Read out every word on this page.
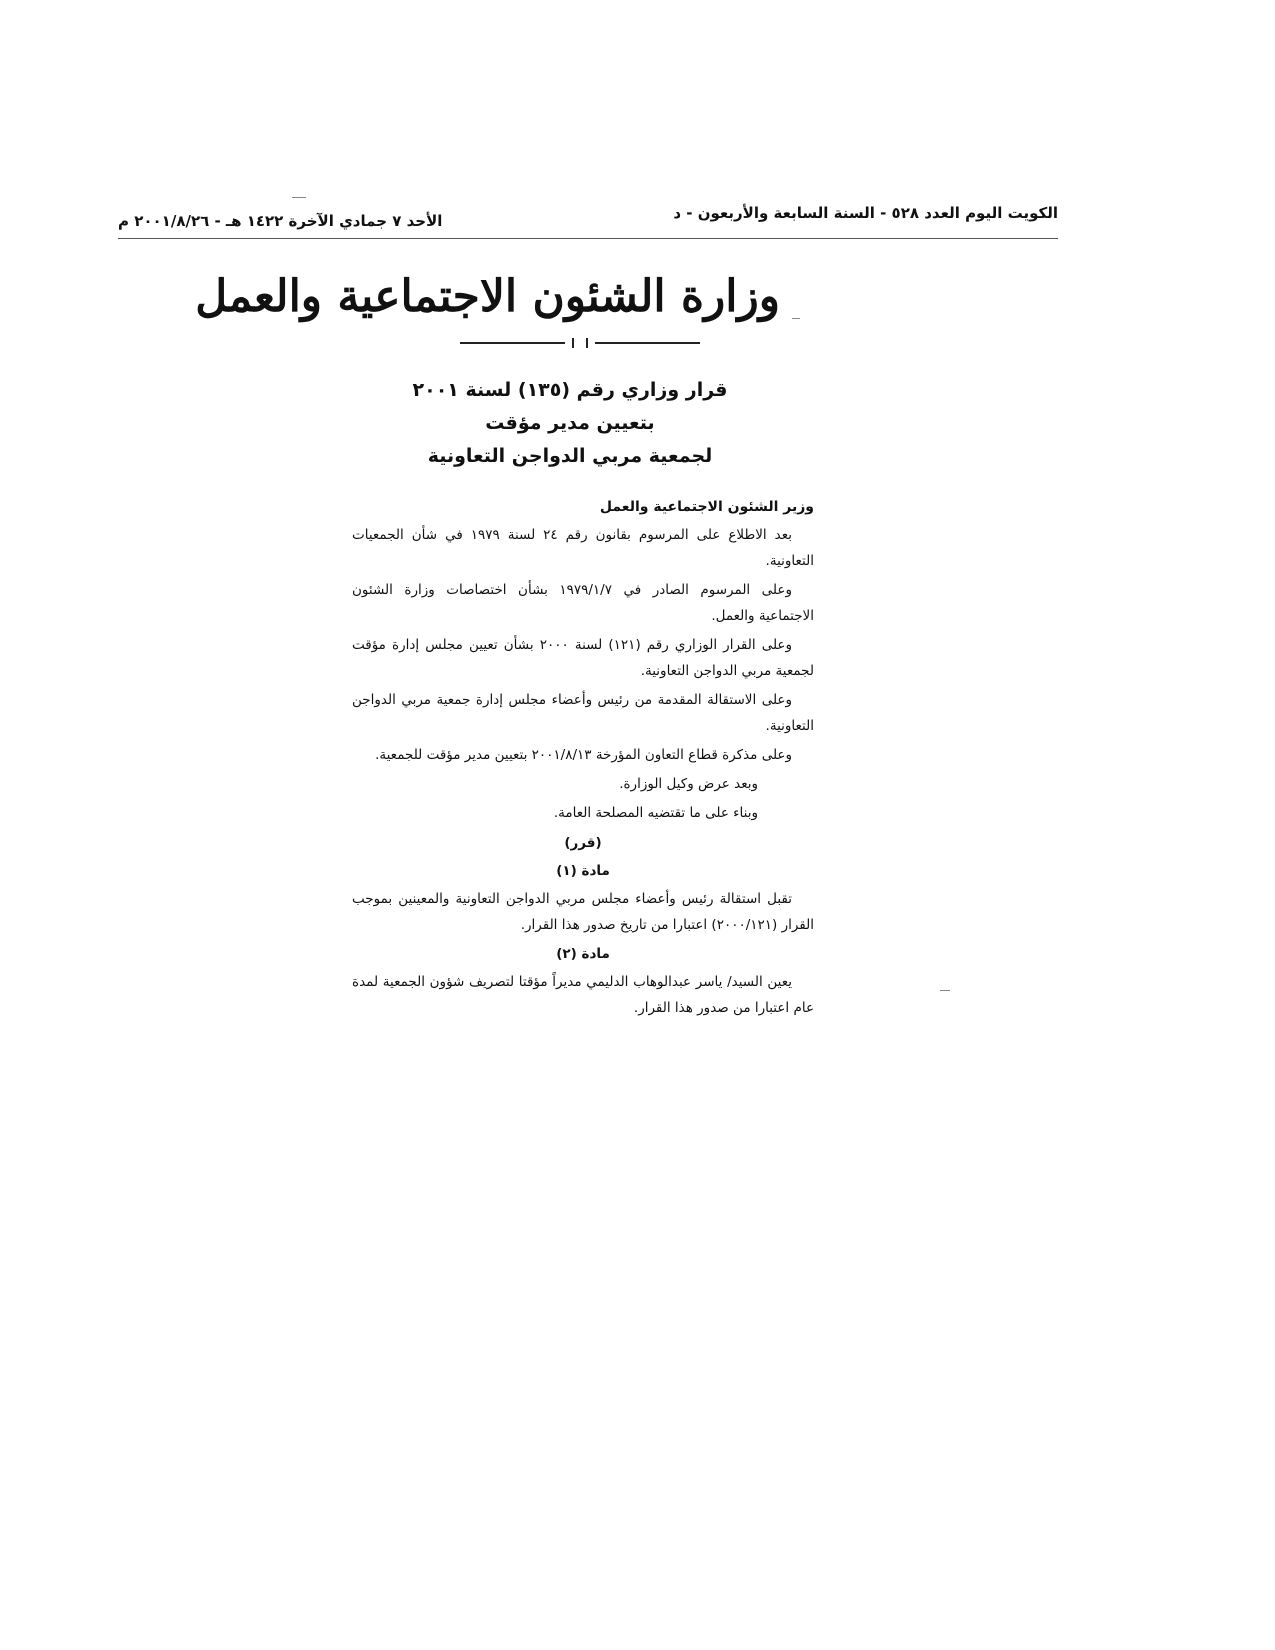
الكويت اليوم العدد ٥٢٨ - السنة السابعة والأربعون - د
الأحد ٧ جمادي الآخرة ١٤٢٢ هـ - ٢٠٠١/٨/٢٦ م
وزارة الشئون الاجتماعية والعمل
قرار وزاري رقم (١٣٥) لسنة ٢٠٠١
بتعيين مدير مؤقت
لجمعية مربي الدواجن التعاونية
وزير الشئون الاجتماعية والعمل

بعد الاطلاع على المرسوم بقانون رقم ٢٤ لسنة ١٩٧٩ في شأن الجمعيات التعاونية.

وعلى المرسوم الصادر في ١٩٧٩/١/٧ بشأن اختصاصات وزارة الشئون الاجتماعية والعمل.

وعلى القرار الوزاري رقم (١٢١) لسنة ٢٠٠٠ بشأن تعيين مجلس إدارة مؤقت لجمعية مربي الدواجن التعاونية.

وعلى الاستقالة المقدمة من رئيس وأعضاء مجلس إدارة جمعية مربي الدواجن التعاونية.

وعلى مذكرة قطاع التعاون المؤرخة ٢٠٠١/٨/١٣ بتعيين مدير مؤقت للجمعية.

وبعد عرض وكيل الوزارة.

وبناء على ما تقتضيه المصلحة العامة.

(قرر)
مادة (١)

تقبل استقالة رئيس وأعضاء مجلس مربي الدواجن التعاونية والمعينين بموجب القرار (٢٠٠٠/١٢١) اعتبارا من تاريخ صدور هذا القرار.

مادة (٢)

يعين السيد/ ياسر عبدالوهاب الدليمي مديراً مؤقتا لتصريف شؤون الجمعية لمدة عام اعتبارا من صدور هذا القرار.
